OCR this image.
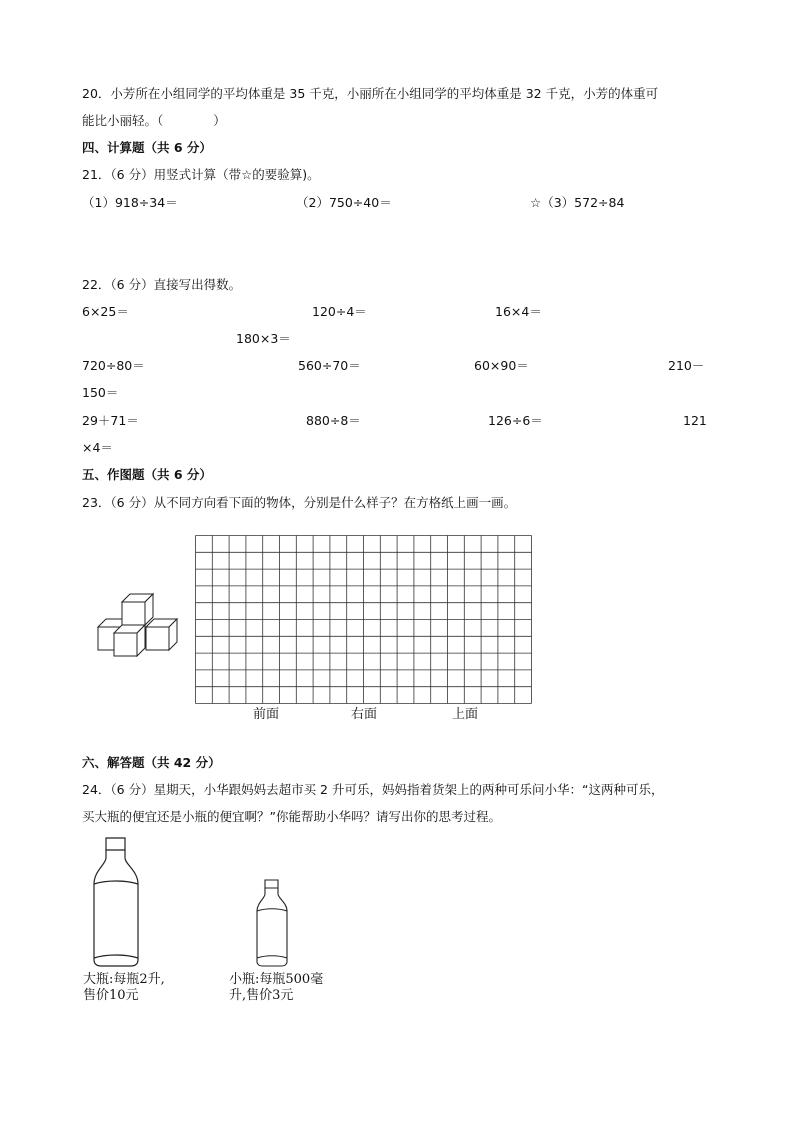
20．小芳所在小组同学的平均体重是 35 千克，小丽所在小组同学的平均体重是 32 千克，小芳的体重可
能比小丽轻。（　　　　）
四、计算题（共 6 分）
21．（6 分）用竖式计算（带☆的要验算)。
（1）918÷34＝	（2）750÷40＝	☆（3）572÷84
22．（6 分）直接写出得数。
6×25＝	120÷4＝	16×4＝
180×3＝
720÷80＝	560÷70＝	60×90＝	210－
150＝
29＋71＝	880÷8＝	126÷6＝	121
×4＝
五、作图题（共 6 分）
23．（6 分）从不同方向看下面的物体，分别是什么样子？在方格纸上画一画。
前面	右面	上面
六、解答题（共 42 分）
24．（6 分）星期天，小华跟妈妈去超市买 2 升可乐，妈妈指着货架上的两种可乐问小华：“这两种可乐，
买大瓶的便宜还是小瓶的便宜啊？”你能帮助小华吗？请写出你的思考过程。
大瓶:每瓶2升,
售价10元
小瓶:每瓶500毫
升,售价3元
